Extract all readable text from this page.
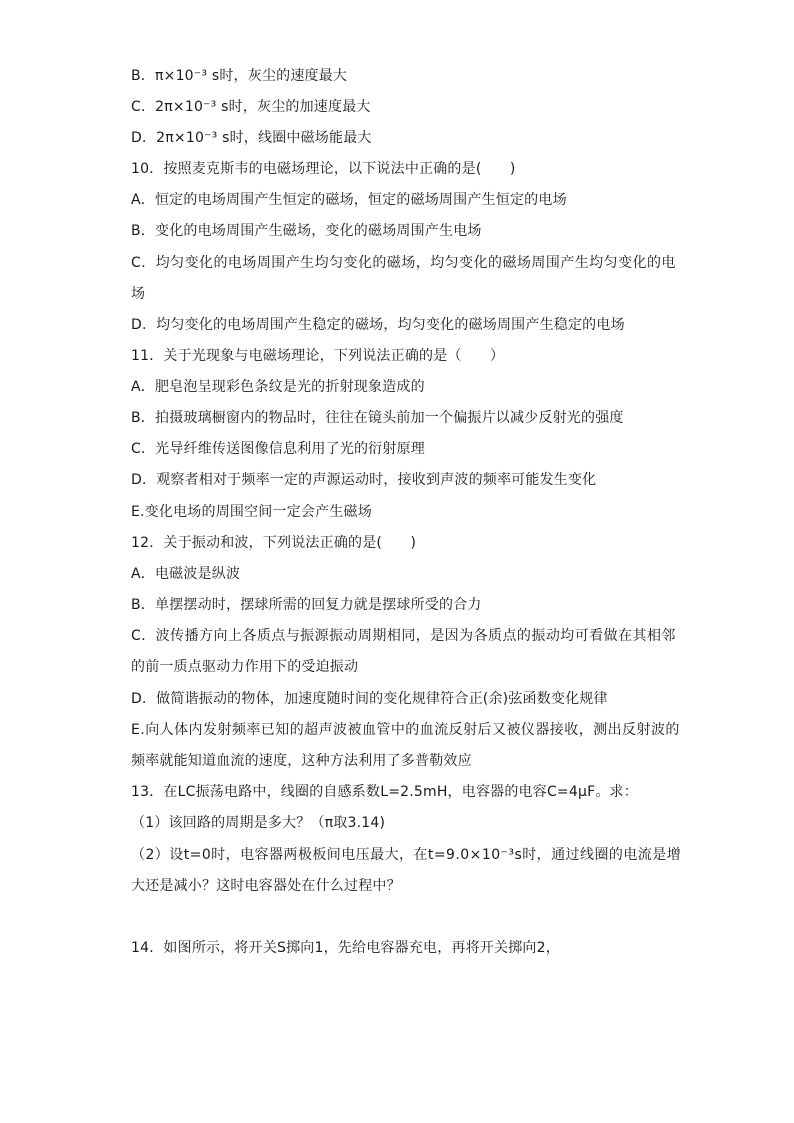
B．π×10⁻³ s时，灰尘的速度最大
C．2π×10⁻³ s时，灰尘的加速度最大
D．2π×10⁻³ s时，线圈中磁场能最大
10．按照麦克斯韦的电磁场理论，以下说法中正确的是(　　)
A．恒定的电场周围产生恒定的磁场，恒定的磁场周围产生恒定的电场
B．变化的电场周围产生磁场，变化的磁场周围产生电场
C．均匀变化的电场周围产生均匀变化的磁场，均匀变化的磁场周围产生均匀变化的电
场
D．均匀变化的电场周围产生稳定的磁场，均匀变化的磁场周围产生稳定的电场
11．关于光现象与电磁场理论，下列说法正确的是（　　）
A．肥皂泡呈现彩色条纹是光的折射现象造成的
B．拍摄玻璃橱窗内的物品时，往往在镜头前加一个偏振片以减少反射光的强度
C．光导纤维传送图像信息利用了光的衍射原理
D．观察者相对于频率一定的声源运动时，接收到声波的频率可能发生变化
E.变化电场的周围空间一定会产生磁场
12．关于振动和波，下列说法正确的是(　　)
A．电磁波是纵波
B．单摆摆动时，摆球所需的回复力就是摆球所受的合力
C．波传播方向上各质点与振源振动周期相同，是因为各质点的振动均可看做在其相邻
的前一质点驱动力作用下的受迫振动
D．做简谐振动的物体，加速度随时间的变化规律符合正(余)弦函数变化规律
E.向人体内发射频率已知的超声波被血管中的血流反射后又被仪器接收，测出反射波的
频率就能知道血流的速度，这种方法利用了多普勒效应
13．在LC振荡电路中，线圈的自感系数L=2.5mH，电容器的电容C=4μF。求：
（1）该回路的周期是多大？（π取3.14)
（2）设t=0时，电容器两极板间电压最大，在t=9.0×10⁻³s时，通过线圈的电流是增
大还是减小？这时电容器处在什么过程中？
14．如图所示，将开关S掷向1，先给电容器充电，再将开关掷向2，
